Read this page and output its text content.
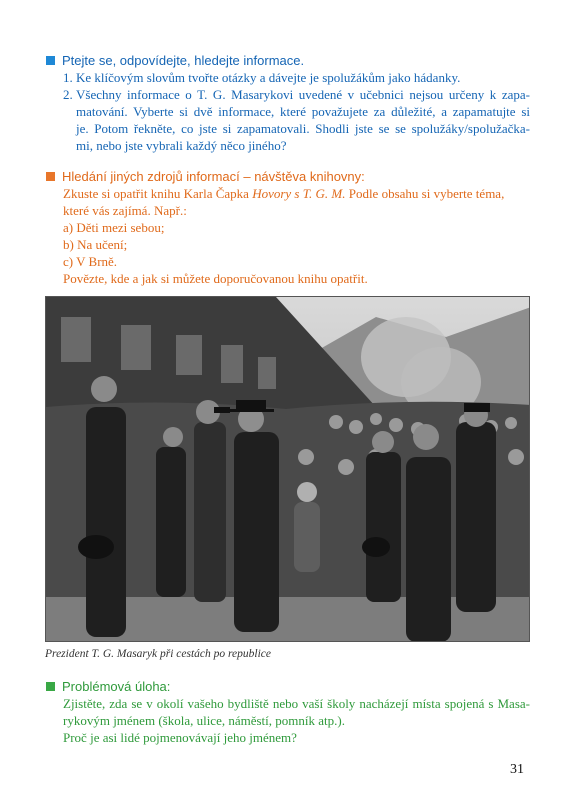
Ptejte se, odpovídejte, hledejte informace.
1. Ke klíčovým slovům tvořte otázky a dávejte je spolužákům jako hádanky.
2. Všechny informace o T. G. Masarykovi uvedené v učebnici nejsou určeny k zapa-
matování. Vyberte si dvě informace, které považujete za důležité, a zapamatujte si
je. Potom řekněte, co jste si zapamatovali. Shodli jste se se spolužáky/spolužačka-
mi, nebo jste vybrali každý něco jiného?
Hledání jiných zdrojů informací – návštěva knihovny:
Zkuste si opatřit knihu Karla Čapka Hovory s T. G. M. Podle obsahu si vyberte téma,
které vás zajímá. Např.:
a) Děti mezi sebou;
b) Na učení;
c) V Brně.
Povězte, kde a jak si můžete doporučovanou knihu opatřit.
Prezident T. G. Masaryk při cestách po republice
Problémová úloha:
Zjistěte, zda se v okolí vašeho bydliště nebo vaší školy nacházejí místa spojená s Masa-
rykovým jménem (škola, ulice, náměstí, pomník atp.).
Proč je asi lidé pojmenovávají jeho jménem?
31
